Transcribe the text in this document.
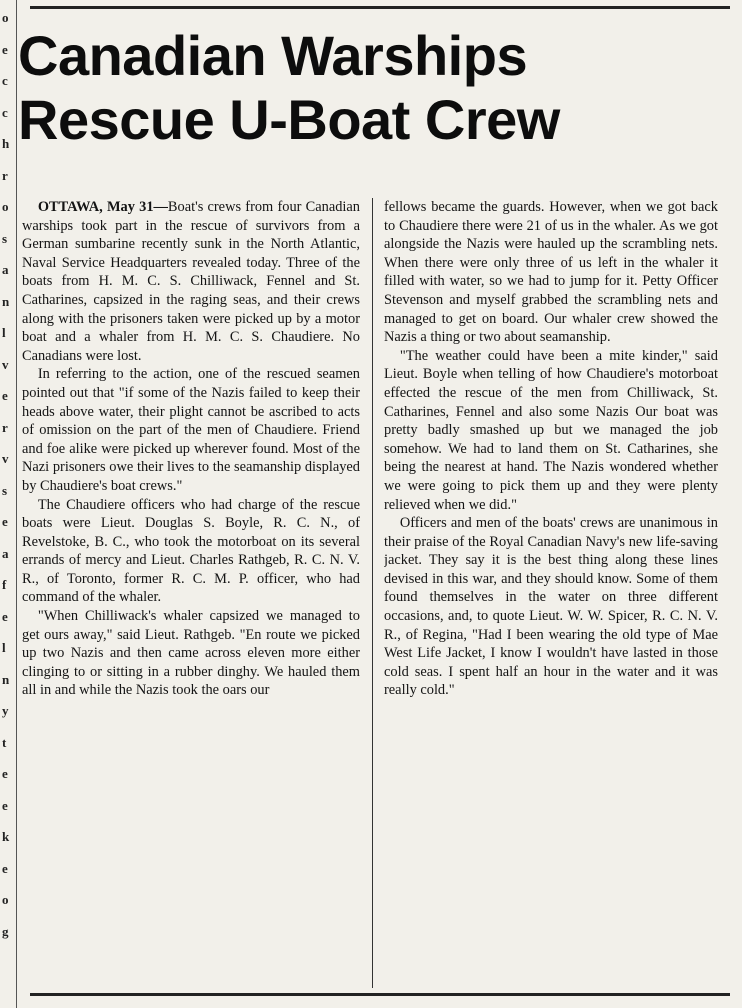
o
e
c
c
h
r
o
s
a
n
l
v
e
r
v
s
e
a
f
e
l
n
y
t
e
e
k
e
o
g
Canadian Warships
Rescue U-Boat Crew

OTTAWA, May 31—Boat's crews from four Canadian warships took part in the rescue of survivors from a German sumbarine recently sunk in the North Atlantic, Naval Service Headquarters revealed today. Three of the boats from H. M. C. S. Chilliwack, Fennel and St. Catharines, capsized in the raging seas, and their crews along with the prisoners taken were picked up by a motor boat and a whaler from H. M. C. S. Chaudiere. No Canadians were lost.

In referring to the action, one of the rescued seamen pointed out that "if some of the Nazis failed to keep their heads above water, their plight cannot be ascribed to acts of omission on the part of the men of Chaudiere. Friend and foe alike were picked up wherever found. Most of the Nazi prisoners owe their lives to the seamanship displayed by Chaudiere's boat crews."

The Chaudiere officers who had charge of the rescue boats were Lieut. Douglas S. Boyle, R. C. N., of Revelstoke, B. C., who took the motorboat on its several errands of mercy and Lieut. Charles Rathgeb, R. C. N. V. R., of Toronto, former R. C. M. P. officer, who had command of the whaler.

"When Chilliwack's whaler capsized we managed to get ours away," said Lieut. Rathgeb. "En route we picked up two Nazis and then came across eleven more either clinging to or sitting in a rubber dinghy. We hauled them all in and while the Nazis took the oars our

fellows became the guards. However, when we got back to Chaudiere there were 21 of us in the whaler. As we got alongside the Nazis were hauled up the scrambling nets. When there were only three of us left in the whaler it filled with water, so we had to jump for it. Petty Officer Stevenson and myself grabbed the scrambling nets and managed to get on board. Our whaler crew showed the Nazis a thing or two about seamanship.

"The weather could have been a mite kinder," said Lieut. Boyle when telling of how Chaudiere's motorboat effected the rescue of the men from Chilliwack, St. Catharines, Fennel and also some Nazis Our boat was pretty badly smashed up but we managed the job somehow. We had to land them on St. Catharines, she being the nearest at hand. The Nazis wondered whether we were going to pick them up and they were plenty relieved when we did."

Officers and men of the boats' crews are unanimous in their praise of the Royal Canadian Navy's new life-saving jacket. They say it is the best thing along these lines devised in this war, and they should know. Some of them found themselves in the water on three different occasions, and, to quote Lieut. W. W. Spicer, R. C. N. V. R., of Regina, "Had I been wearing the old type of Mae West Life Jacket, I know I wouldn't have lasted in those cold seas. I spent half an hour in the water and it was really cold."
